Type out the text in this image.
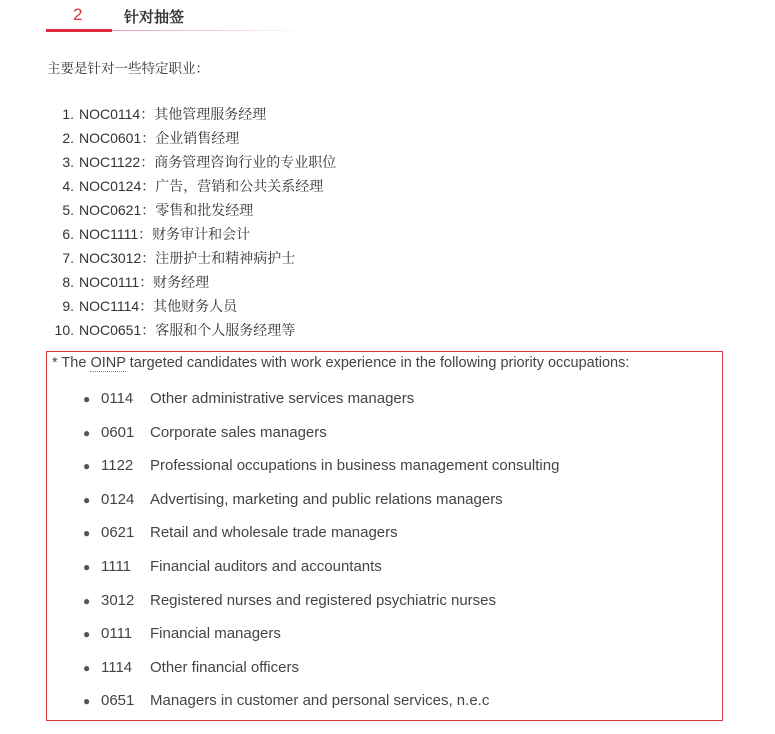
2	针对抽签
主要是针对一些特定职业：
1. NOC0114：其他管理服务经理
2. NOC0601：企业销售经理
3. NOC1122：商务管理咨询行业的专业职位
4. NOC0124：广告，营销和公共关系经理
5. NOC0621：零售和批发经理
6. NOC1111：财务审计和会计
7. NOC3012：注册护士和精神病护士
8. NOC0111：财务经理
9. NOC1114：其他财务人员
10. NOC0651：客服和个人服务经理等
* The OINP targeted candidates with work experience in the following priority occupations:
● 0114 Other administrative services managers
● 0601 Corporate sales managers
● 1122 Professional occupations in business management consulting
● 0124 Advertising, marketing and public relations managers
● 0621 Retail and wholesale trade managers
● 1111 Financial auditors and accountants
● 3012 Registered nurses and registered psychiatric nurses
● 0111 Financial managers
● 1114 Other financial officers
● 0651 Managers in customer and personal services, n.e.c
